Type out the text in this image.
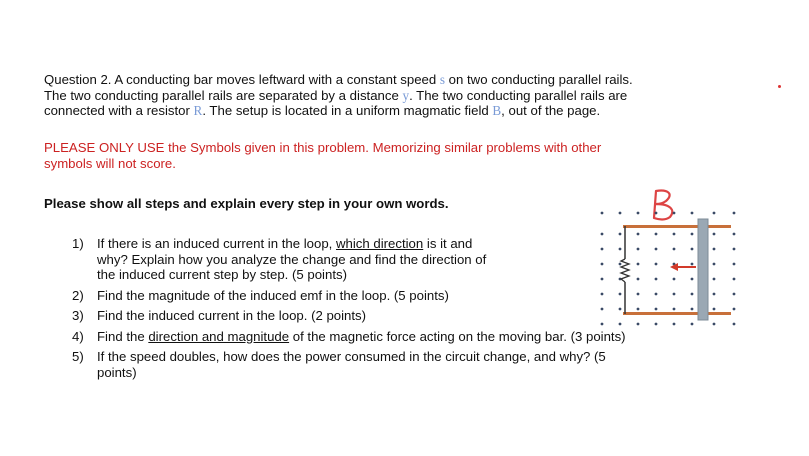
Question 2. A conducting bar moves leftward with a constant speed s on two conducting parallel rails.
The two conducting parallel rails are separated by a distance y. The two conducting parallel rails are
connected with a resistor R. The setup is located in a uniform magmatic field B, out of the page.
PLEASE ONLY USE the Symbols given in this problem. Memorizing similar problems with other
symbols will not score.
Please show all steps and explain every step in your own words.
1) If there is an induced current in the loop, which direction is it and
why? Explain how you analyze the change and find the direction of
the induced current step by step. (5 points)
2) Find the magnitude of the induced emf in the loop. (5 points)
3) Find the induced current in the loop. (2 points)
4) Find the direction and magnitude of the magnetic force acting on the moving bar. (3 points)
5) If the speed doubles, how does the power consumed in the circuit change, and why? (5
points)
